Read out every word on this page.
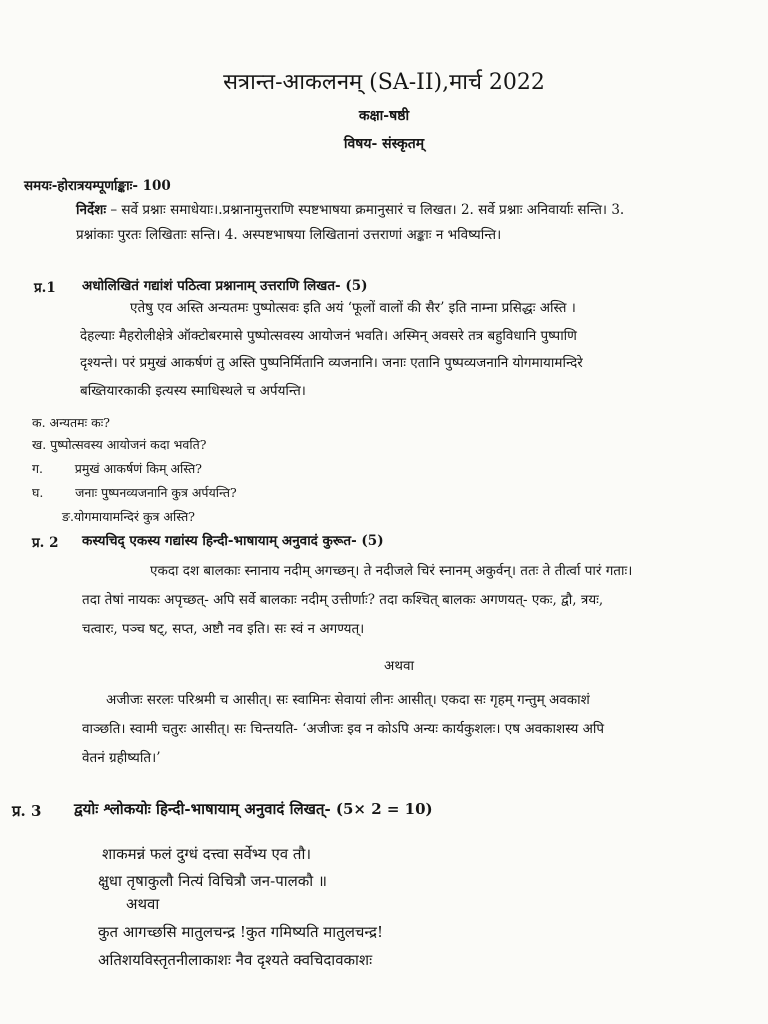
सत्रान्त-आकलनम् (SA-II),मार्च 2022
कक्षा-षष्ठी
विषय- संस्कृतम्
समयः-होरात्रयम्पूर्णाङ्काः- 100
निर्देशः – सर्वे प्रश्नाः समाधेयाः।.प्रश्नानामुत्तराणि स्पष्टभाषया क्रमानुसारं च लिखत। 2. सर्वे प्रश्नाः अनिवार्याः सन्ति। 3.
प्रश्नांकाः पुरतः लिखिताः सन्ति। 4. अस्पष्टभाषया लिखितानां उत्तराणां अङ्काः न भविष्यन्ति।
प्र.1 अधोलिखितं गद्यांशं पठित्वा प्रश्नानाम् उत्तराणि लिखत- (5)
एतेषु एव अस्ति अन्यतमः पुष्पोत्सवः इति अयं ‘फूलों वालों की सैर’ इति नाम्ना प्रसिद्धः अस्ति ।
देहल्याः मैहरोलीक्षेत्रे ऑक्टोबरमासे पुष्पोत्सवस्य आयोजनं भवति। अस्मिन् अवसरे तत्र बहुविधानि पुष्पाणि
दृश्यन्ते। परं प्रमुखं आकर्षणं तु अस्ति पुष्पनिर्मितानि व्यजनानि। जनाः एतानि पुष्पव्यजनानि योगमायामन्दिरे
बख्तियारकाकी इत्यस्य स्माधिस्थले च अर्पयन्ति।
क. अन्यतमः कः?
ख. पुष्पोत्सवस्य आयोजनं कदा भवति?
ग.        प्रमुखं आकर्षणं किम् अस्ति?
घ.        जनाः पुष्पनव्यजनानि कुत्र अर्पयन्ति?
ङ.योगमायामन्दिरं कुत्र अस्ति?
प्र. 2 कस्यचिद् एकस्य गद्यांस्य हिन्दी-भाषायाम् अनुवादं कुरूत- (5)
एकदा दश बालकाः स्नानाय नदीम् अगच्छन्। ते नदीजले चिरं स्नानम् अकुर्वन्। ततः ते तीर्त्वा पारं गताः।
तदा तेषां नायकः अपृच्छत्- अपि सर्वे बालकाः नदीम् उत्तीर्णाः? तदा कश्चित् बालकः अगणयत्- एकः, द्वौ, त्रयः,
चत्वारः, पञ्च षट्, सप्त, अष्टौ नव इति। सः स्वं न अगण्यत्।
अथवा
अजीजः सरलः परिश्रमी च आसीत्। सः स्वामिनः सेवायां लीनः आसीत्। एकदा सः गृहम् गन्तुम् अवकाशं
वाञ्छति। स्वामी चतुरः आसीत्। सः चिन्तयति- ‘अजीजः इव न कोऽपि अन्यः कार्यकुशलः। एष अवकाशस्य अपि
वेतनं ग्रहीष्यति।’
प्र. 3 द्वयोः श्लोकयोः हिन्दी-भाषायाम् अनुवादं लिखत्- (5× 2 = 10)
शाकमन्नं फलं दुग्धं दत्त्वा सर्वेभ्य एव तौ।
क्षुधा तृषाकुलौ नित्यं विचित्रौ जन-पालकौ ॥
अथवा
कुत आगच्छसि मातुलचन्द्र !कुत गमिष्यति मातुलचन्द्र!
अतिशयविस्तृतनीलाकाशः नैव दृश्यते क्वचिदावकाशः
